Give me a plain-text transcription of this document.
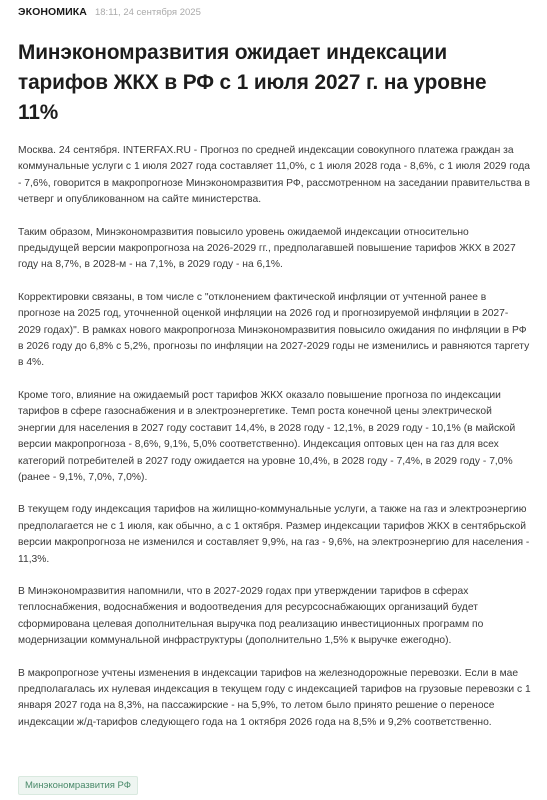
ЭКОНОМИКА 18:11, 24 сентября 2025
Минэкономразвития ожидает индексации тарифов ЖКХ в РФ с 1 июля 2027 г. на уровне 11%

Москва. 24 сентября. INTERFAX.RU - Прогноз по средней индексации совокупного платежа граждан за коммунальные услуги с 1 июля 2027 года составляет 11,0%, с 1 июля 2028 года - 8,6%, с 1 июля 2029 года - 7,6%, говорится в макропрогнозе Минэкономразвития РФ, рассмотренном на заседании правительства в четверг и опубликованном на сайте министерства.

Таким образом, Минэкономразвития повысило уровень ожидаемой индексации относительно предыдущей версии макропрогноза на 2026-2029 гг., предполагавшей повышение тарифов ЖКХ в 2027 году на 8,7%, в 2028-м - на 7,1%, в 2029 году - на 6,1%.

Корректировки связаны, в том числе с "отклонением фактической инфляции от учтенной ранее в прогнозе на 2025 год, уточненной оценкой инфляции на 2026 год и прогнозируемой инфляции в 2027-2029 годах)". В рамках нового макропрогноза Минэкономразвития повысило ожидания по инфляции в РФ в 2026 году до 6,8% с 5,2%, прогнозы по инфляции на 2027-2029 годы не изменились и равняются таргету в 4%.

Кроме того, влияние на ожидаемый рост тарифов ЖКХ оказало повышение прогноза по индексации тарифов в сфере газоснабжения и в электроэнергетике. Темп роста конечной цены электрической энергии для населения в 2027 году составит 14,4%, в 2028 году - 12,1%, в 2029 году - 10,1% (в майской версии макропрогноза - 8,6%, 9,1%, 5,0% соответственно). Индексация оптовых цен на газ для всех категорий потребителей в 2027 году ожидается на уровне 10,4%, в 2028 году - 7,4%, в 2029 году - 7,0% (ранее - 9,1%, 7,0%, 7,0%).

В текущем году индексация тарифов на жилищно-коммунальные услуги, а также на газ и электроэнергию предполагается не с 1 июля, как обычно, а с 1 октября. Размер индексации тарифов ЖКХ в сентябрьской версии макропрогноза не изменился и составляет 9,9%, на газ - 9,6%, на электроэнергию для населения - 11,3%.

В Минэкономразвития напомнили, что в 2027-2029 годах при утверждении тарифов в сферах теплоснабжения, водоснабжения и водоотведения для ресурсоснабжающих организаций будет сформирована целевая дополнительная выручка под реализацию инвестиционных программ по модернизации коммунальной инфраструктуры (дополнительно 1,5% к выручке ежегодно).

В макропрогнозе учтены изменения в индексации тарифов на железнодорожные перевозки. Если в мае предполагалась их нулевая индексация в текущем году с индексацией тарифов на грузовые перевозки с 1 января 2027 года на 8,3%, на пассажирские - на 5,9%, то летом было принято решение о переносе индексации ж/д-тарифов следующего года на 1 октября 2026 года на 8,5% и 9,2% соответственно.

Минэкономразвития РФ
